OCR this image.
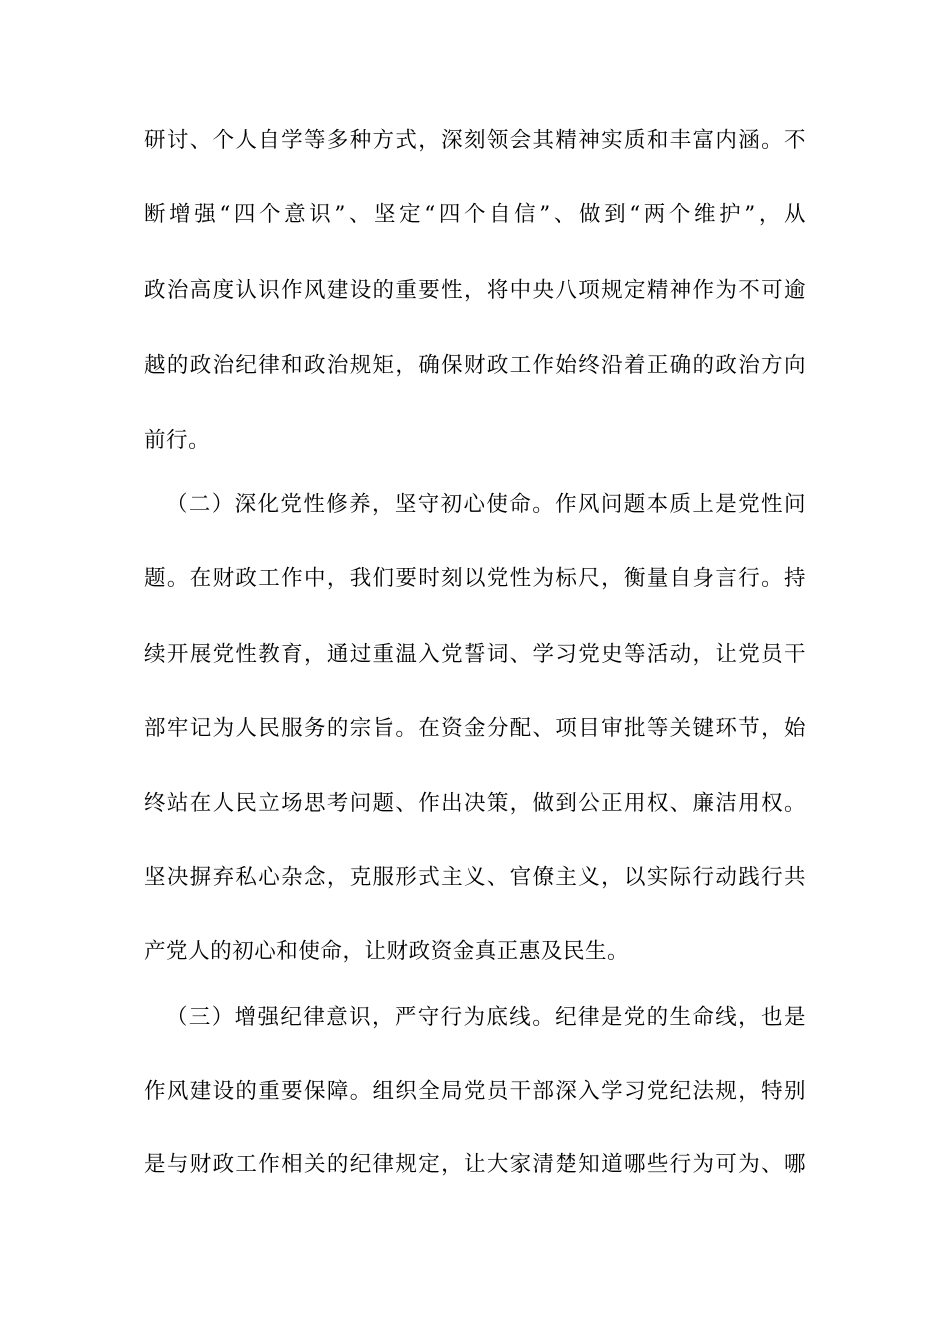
研讨、个人自学等多种方式，深刻领会其精神实质和丰富内涵。不
断增强“四个意识”、坚定“四个自信”、做到“两个维护”，从
政治高度认识作风建设的重要性，将中央八项规定精神作为不可逾
越的政治纪律和政治规矩，确保财政工作始终沿着正确的政治方向
前行。
（二）深化党性修养，坚守初心使命。作风问题本质上是党性问
题。在财政工作中，我们要时刻以党性为标尺，衡量自身言行。持
续开展党性教育，通过重温入党誓词、学习党史等活动，让党员干
部牢记为人民服务的宗旨。在资金分配、项目审批等关键环节，始
终站在人民立场思考问题、作出决策，做到公正用权、廉洁用权。
坚决摒弃私心杂念，克服形式主义、官僚主义，以实际行动践行共
产党人的初心和使命，让财政资金真正惠及民生。
（三）增强纪律意识，严守行为底线。纪律是党的生命线，也是
作风建设的重要保障。组织全局党员干部深入学习党纪法规，特别
是与财政工作相关的纪律规定，让大家清楚知道哪些行为可为、哪
